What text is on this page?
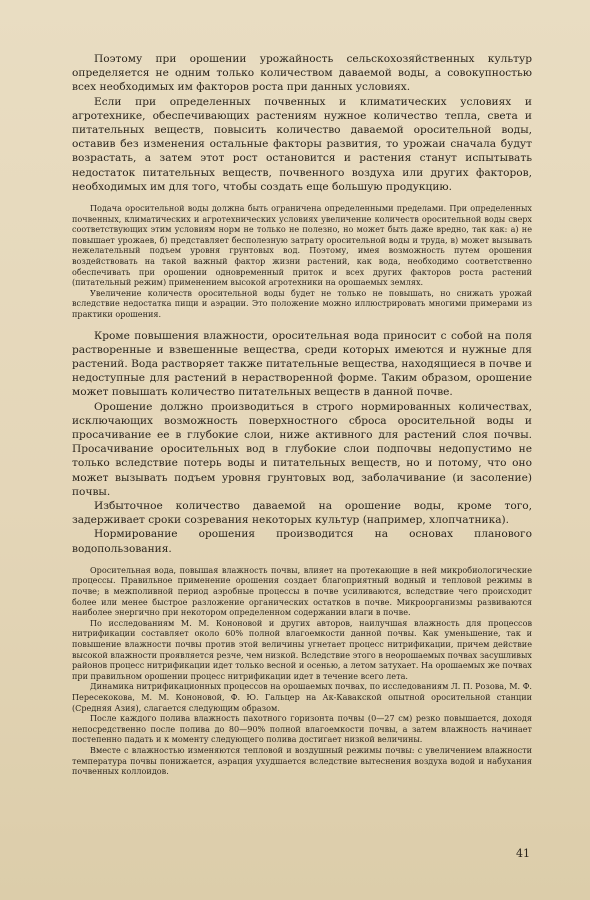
Поэтому при орошении урожайность сельскохозяйственных культур определяется не одним только количеством даваемой воды, а совокупностью всех необходимых им факторов роста при данных условиях.

Если при определенных почвенных и климатических условиях и агротехнике, обеспечивающих растениям нужное количество тепла, света и питательных веществ, повысить количество даваемой оросительной воды, оставив без изменения остальные факторы развития, то урожаи сначала будут возрастать, а затем этот рост остановится и растения станут испытывать недостаток питательных веществ, почвенного воздуха или других факторов, необходимых им для того, чтобы создать еще большую продукцию.

Подача оросительной воды должна быть ограничена определенными пределами. При определенных почвенных, климатических и агротехнических условиях увеличение количеств оросительной воды сверх соответствующих этим условиям норм не только не полезно, но может быть даже вредно, так как: а) не повышает урожаев, б) представляет бесполезную затрату оросительной воды и труда, в) может вызывать нежелательный подъем уровня грунтовых вод. Поэтому, имея возможность путем орошения воздействовать на такой важный фактор жизни растений, как вода, необходимо соответственно обеспечивать при орошении одновременный приток и всех других факторов роста растений (питательный режим) применением высокой агротехники на орошаемых землях.

Увеличение количеств оросительной воды будет не только не повышать, но снижать урожай вследствие недостатка пищи и аэрации. Это положение можно иллюстрировать многими примерами из практики орошения.

Кроме повышения влажности, оросительная вода приносит с собой на поля растворенные и взвешенные вещества, среди которых имеются и нужные для растений. Вода растворяет также питательные вещества, находящиеся в почве и недоступные для растений в нерастворенной форме. Таким образом, орошение может повышать количество питательных веществ в данной почве.

Орошение должно производиться в строго нормированных количествах, исключающих возможность поверхностного сброса оросительной воды и просачивание ее в глубокие слои, ниже активного для растений слоя почвы. Просачивание оросительных вод в глубокие слои подпочвы недопустимо не только вследствие потерь воды и питательных веществ, но и потому, что оно может вызывать подъем уровня грунтовых вод, заболачивание (и засоление) почвы.

Избыточное количество даваемой на орошение воды, кроме того, задерживает сроки созревания некоторых культур (например, хлопчатника).

Нормирование орошения производится на основах планового водопользования.

Оросительная вода, повышая влажность почвы, влияет на протекающие в ней микробиологические процессы. Правильное применение орошения создает благоприятный водный и тепловой режимы в почве; в межполивной период аэробные процессы в почве усиливаются, вследствие чего происходит более или менее быстрое разложение органических остатков в почве. Микроорганизмы развиваются наиболее энергично при некотором определенном содержании влаги в почве.

По исследованиям М. М. Кононовой и других авторов, наилучшая влажность для процессов нитрификации составляет около 60% полной влагоемкости данной почвы. Как уменьшение, так и повышение влажности почвы против этой величины угнетает процесс нитрификации, причем действие высокой влажности проявляется резче, чем низкой. Вследствие этого в неорошаемых почвах засушливых районов процесс нитрификации идет только весной и осенью, а летом затухает. На орошаемых же почвах при правильном орошении процесс нитрификации идет в течение всего лета.

Динамика нитрификационных процессов на орошаемых почвах, по исследованиям Л. П. Розова, М. Ф. Пересекокова, М. М. Кононовой, Ф. Ю. Гальцер на Ак-Кавакской опытной оросительной станции (Средняя Азия), слагается следующим образом.

После каждого полива влажность пахотного горизонта почвы (0—27 см) резко повышается, доходя непосредственно после полива до 80—90% полной влагоемкости почвы, а затем влажность начинает постепенно падать и к моменту следующего полива достигает низкой величины.

Вместе с влажностью изменяются тепловой и воздушный режимы почвы: с увеличением влажности температура почвы понижается, аэрация ухудшается вследствие вытеснения воздуха водой и набухания почвенных коллоидов.

41
